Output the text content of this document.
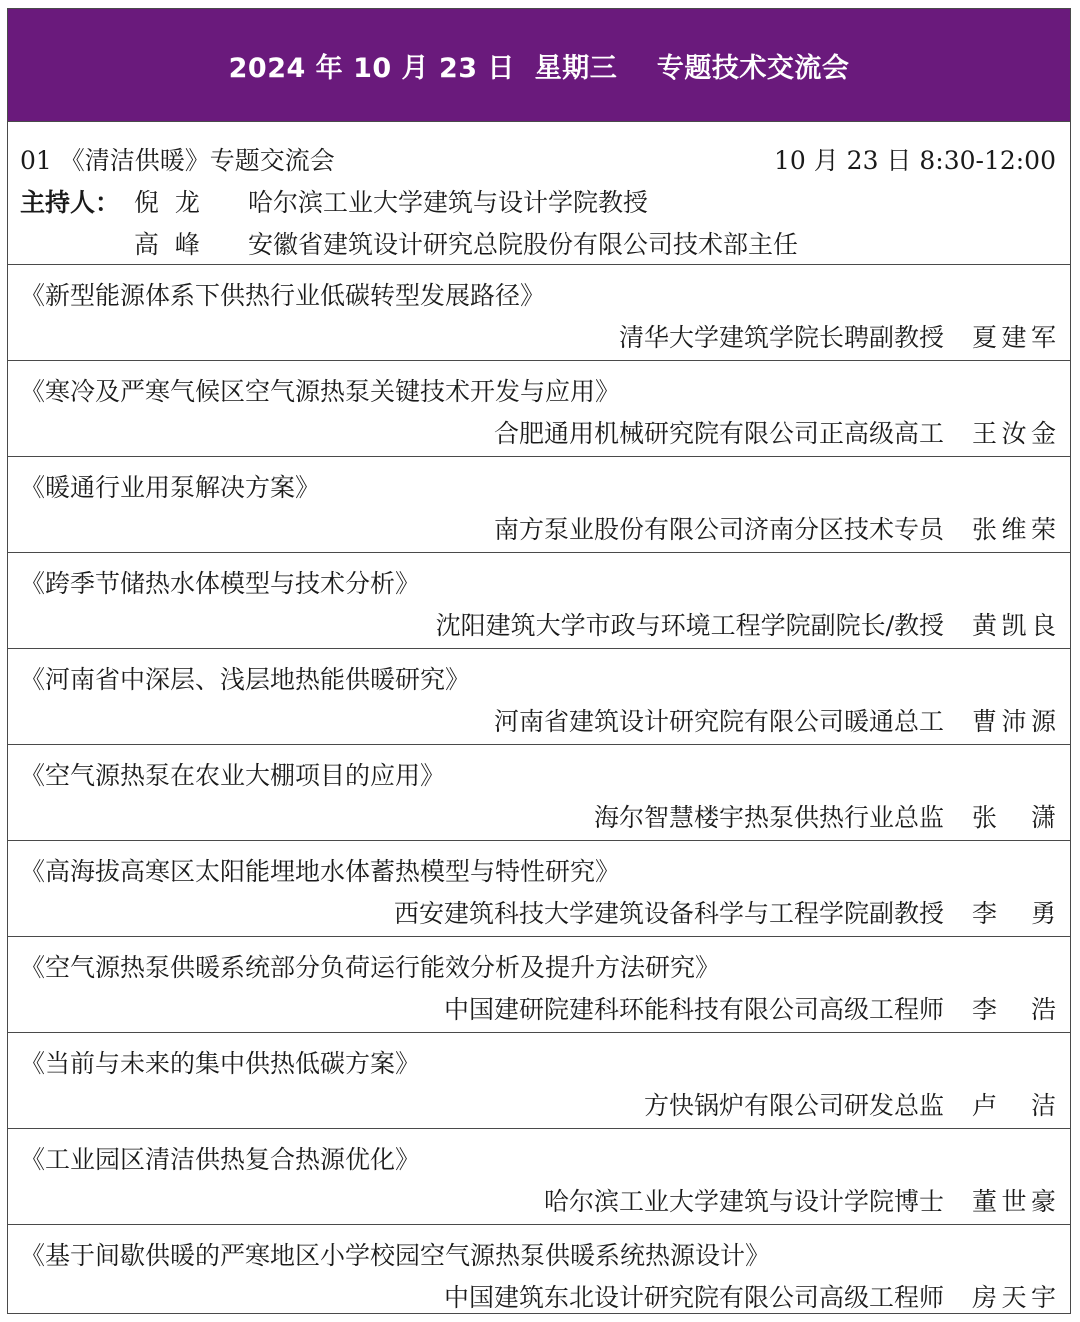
2024 年 10 月 23 日  星期三    专题技术交流会
01 《清洁供暖》专题交流会	10 月 23 日 8:30-12:00
主持人： 倪  龙	哈尔滨工业大学建筑与设计学院教授
高  峰	安徽省建筑设计研究总院股份有限公司技术部主任
《新型能源体系下供热行业低碳转型发展路径》
清华大学建筑学院长聘副教授 夏建军
《寒冷及严寒气候区空气源热泵关键技术开发与应用》
合肥通用机械研究院有限公司正高级高工 王汝金
《暖通行业用泵解决方案》
南方泵业股份有限公司济南分区技术专员 张维荣
《跨季节储热水体模型与技术分析》
沈阳建筑大学市政与环境工程学院副院长/教授 黄凯良
《河南省中深层、浅层地热能供暖研究》
河南省建筑设计研究院有限公司暖通总工 曹沛源
《空气源热泵在农业大棚项目的应用》
海尔智慧楼宇热泵供热行业总监 张  潇
《高海拔高寒区太阳能埋地水体蓄热模型与特性研究》
西安建筑科技大学建筑设备科学与工程学院副教授 李  勇
《空气源热泵供暖系统部分负荷运行能效分析及提升方法研究》
中国建研院建科环能科技有限公司高级工程师 李  浩
《当前与未来的集中供热低碳方案》
方快锅炉有限公司研发总监 卢  洁
《工业园区清洁供热复合热源优化》
哈尔滨工业大学建筑与设计学院博士 董世豪
《基于间歇供暖的严寒地区小学校园空气源热泵供暖系统热源设计》
中国建筑东北设计研究院有限公司高级工程师 房天宇
